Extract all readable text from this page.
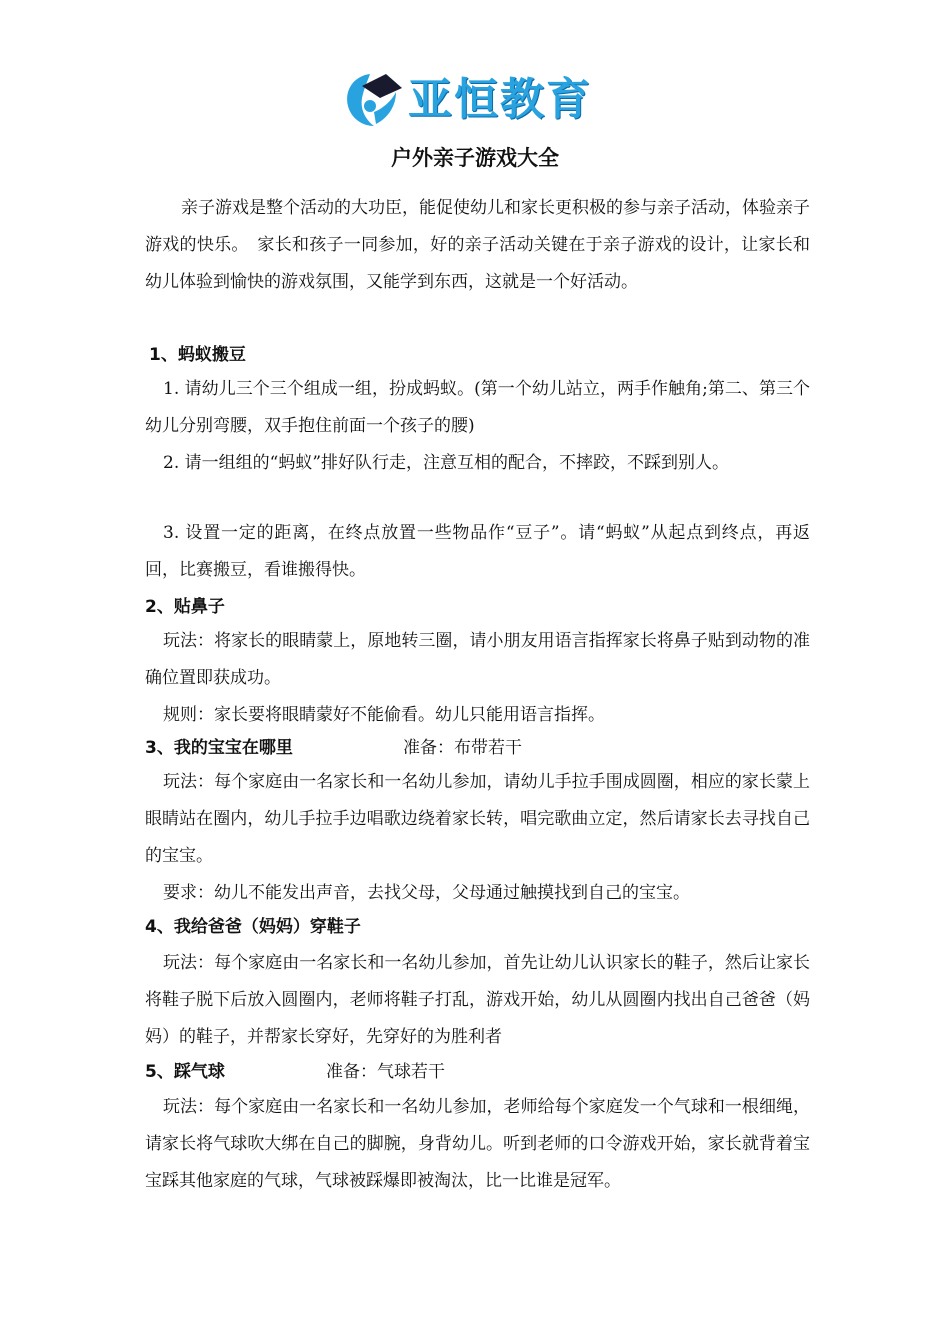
亚恒教育
户外亲子游戏大全
亲子游戏是整个活动的大功臣，能促使幼儿和家长更积极的参与亲子活动，体验亲子游戏的快乐。　家长和孩子一同参加，好的亲子活动关键在于亲子游戏的设计，让家长和幼儿体验到愉快的游戏氛围，又能学到东西，这就是一个好活动。
1、蚂蚁搬豆
1. 请幼儿三个三个组成一组，扮成蚂蚁。(第一个幼儿站立，两手作触角;第二、第三个幼儿分别弯腰，双手抱住前面一个孩子的腰)
2. 请一组组的“蚂蚁”排好队行走，注意互相的配合，不摔跤，不踩到别人。
3. 设置一定的距离，在终点放置一些物品作“豆子”。请“蚂蚁”从起点到终点，再返回，比赛搬豆，看谁搬得快。
2、贴鼻子
玩法：将家长的眼睛蒙上，原地转三圈，请小朋友用语言指挥家长将鼻子贴到动物的准确位置即获成功。
规则：家长要将眼睛蒙好不能偷看。幼儿只能用语言指挥。
3、我的宝宝在哪里	准备：布带若干
玩法：每个家庭由一名家长和一名幼儿参加，请幼儿手拉手围成圆圈，相应的家长蒙上眼睛站在圈内，幼儿手拉手边唱歌边绕着家长转，唱完歌曲立定，然后请家长去寻找自己的宝宝。
要求：幼儿不能发出声音，去找父母，父母通过触摸找到自己的宝宝。
4、我给爸爸（妈妈）穿鞋子
玩法：每个家庭由一名家长和一名幼儿参加，首先让幼儿认识家长的鞋子，然后让家长将鞋子脱下后放入圆圈内，老师将鞋子打乱，游戏开始，幼儿从圆圈内找出自己爸爸（妈妈）的鞋子，并帮家长穿好，先穿好的为胜利者
5、踩气球	准备：气球若干
玩法：每个家庭由一名家长和一名幼儿参加，老师给每个家庭发一个气球和一根细绳，请家长将气球吹大绑在自己的脚腕，身背幼儿。听到老师的口令游戏开始，家长就背着宝宝踩其他家庭的气球，气球被踩爆即被淘汰，比一比谁是冠军。
